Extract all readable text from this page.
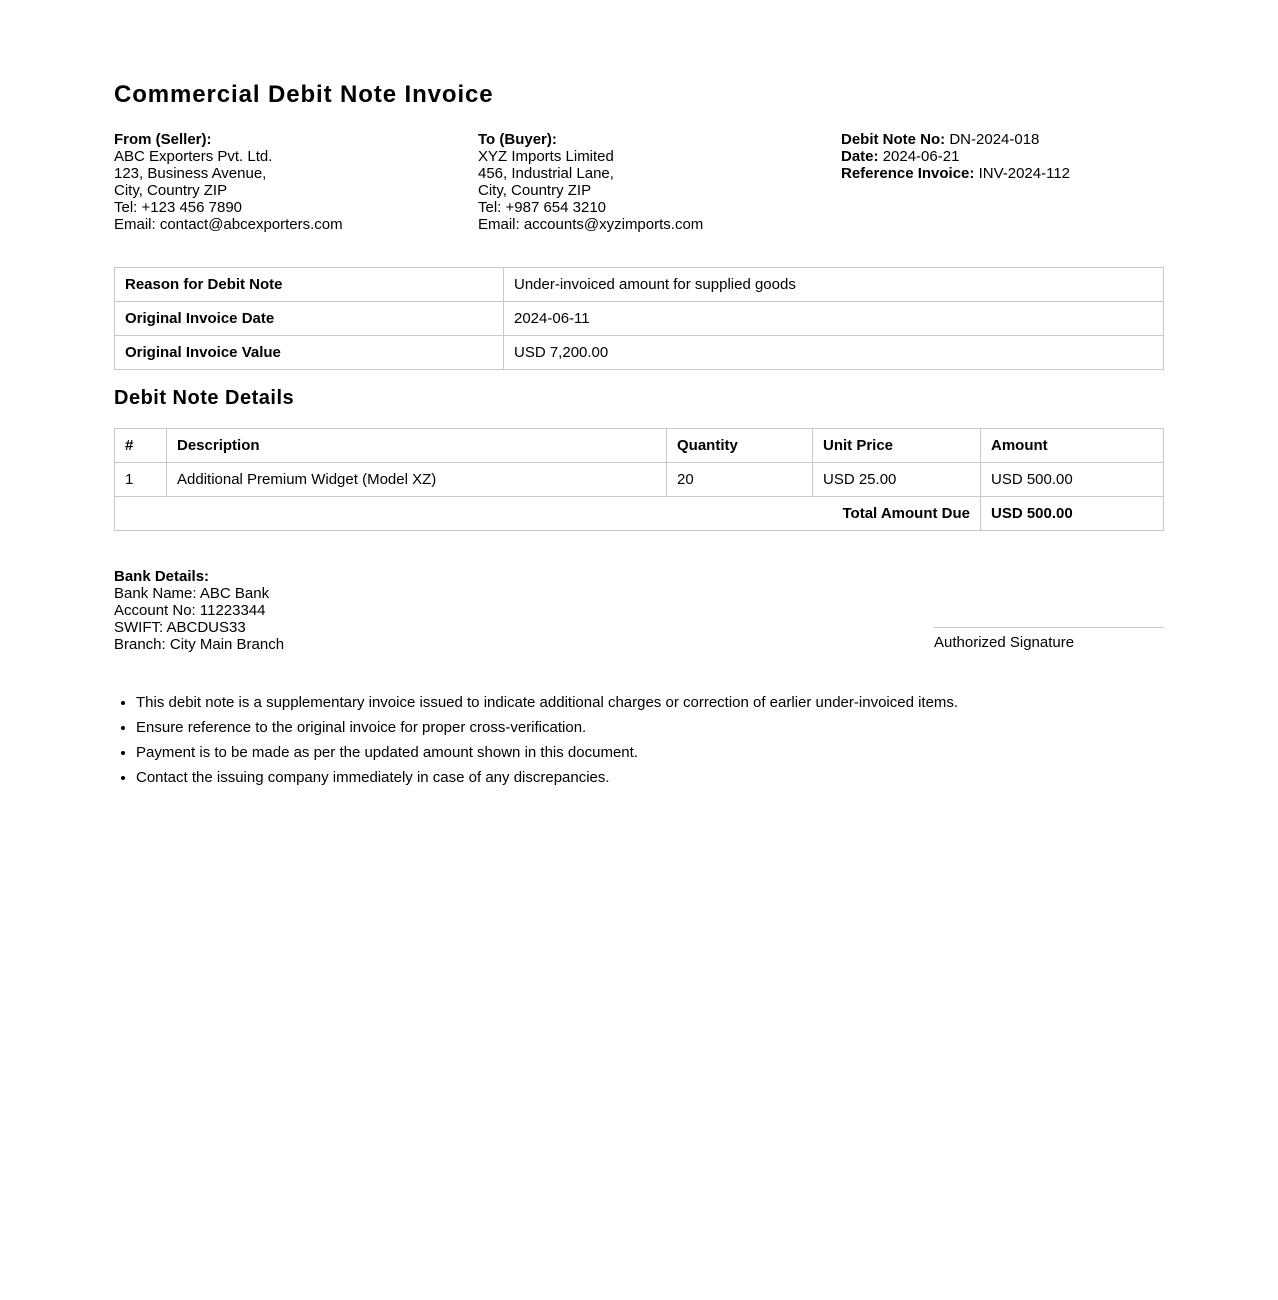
Commercial Debit Note Invoice
From (Seller):
ABC Exporters Pvt. Ltd.
123, Business Avenue,
City, Country ZIP
Tel: +123 456 7890
Email: contact@abcexporters.com
To (Buyer):
XYZ Imports Limited
456, Industrial Lane,
City, Country ZIP
Tel: +987 654 3210
Email: accounts@xyzimports.com
Debit Note No: DN-2024-018
Date: 2024-06-21
Reference Invoice: INV-2024-112
Reason for Debit Note	Under-invoiced amount for supplied goods
Original Invoice Date	2024-06-11
Original Invoice Value	USD 7,200.00
Debit Note Details
#	Description	Quantity	Unit Price	Amount
1	Additional Premium Widget (Model XZ)	20	USD 25.00	USD 500.00
Total Amount Due				USD 500.00
Bank Details:
Bank Name: ABC Bank
Account No: 11223344
SWIFT: ABCDUS33
Branch: City Main Branch	Authorized Signature
• This debit note is a supplementary invoice issued to indicate additional charges or correction of earlier under-invoiced items.
• Ensure reference to the original invoice for proper cross-verification.
• Payment is to be made as per the updated amount shown in this document.
• Contact the issuing company immediately in case of any discrepancies.
